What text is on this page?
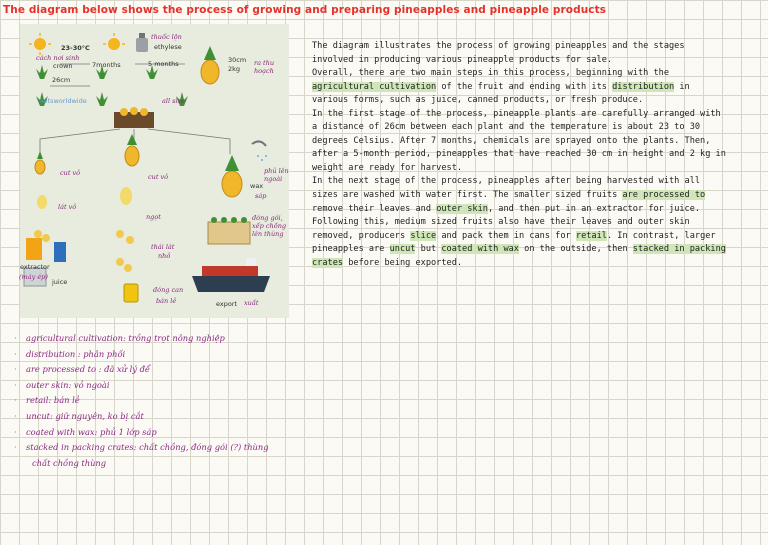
The diagram below shows the process of growing and preparing pineapples and pineapple products
23-30°C
cách nơi sinh
crown	7months	5 months
thuốc lộn
ethylese
26cm
30cm
2kg
ra thu hoạch
ieltsworldwide	all size
cut vỏ	cut vỏ
phủ lên ngoài
wax
sáp
lát vỏ
ngọt	đóng gói, xếp chồng lên thùng
thái lát
nhỏ
đóng can
bán lẻ
extractor
(máy ép)
juice
export xuất

The diagram illustrates the process of growing pineapples and the stages involved in producing various pineapple products for sale.

Overall, there are two main steps in this process, beginning with the agricultural cultivation of the fruit and ending with its distribution in various forms, such as juice, canned products, or fresh produce.

In the first stage of the process, pineapple plants are carefully arranged with a distance of 26cm between each plant and the temperature is about 23 to 30 degrees Celsius. After 7 months, chemicals are sprayed onto the plants. Then, after a 5-month period, pineapples that have reached 30 cm in height and 2 kg in weight are ready for harvest.

In the next stage of the process, pineapples after being harvested with all sizes are washed with water first. The smaller sized fruits are processed to remove their leaves and outer skin, and then put in an extractor for juice. Following this, medium sized fruits also have their leaves and outer skin removed, producers slice and pack them in cans for retail. In contrast, larger pineapples are uncut but coated with wax on the outside, then stacked in packing crates before being exported.

· agricultural cultivation: trồng trọt nông nghiệp
· distribution : phân phối
· are processed to : đã xử lý để
· outer skin: vỏ ngoài
· retail: bán lẻ
· uncut: giữ nguyên, ko bị cắt
· coated with wax: phủ 1 lớp sáp
· stacked in packing crates: chất chồng, đóng gói (?) thùng
chất chồng thùng
